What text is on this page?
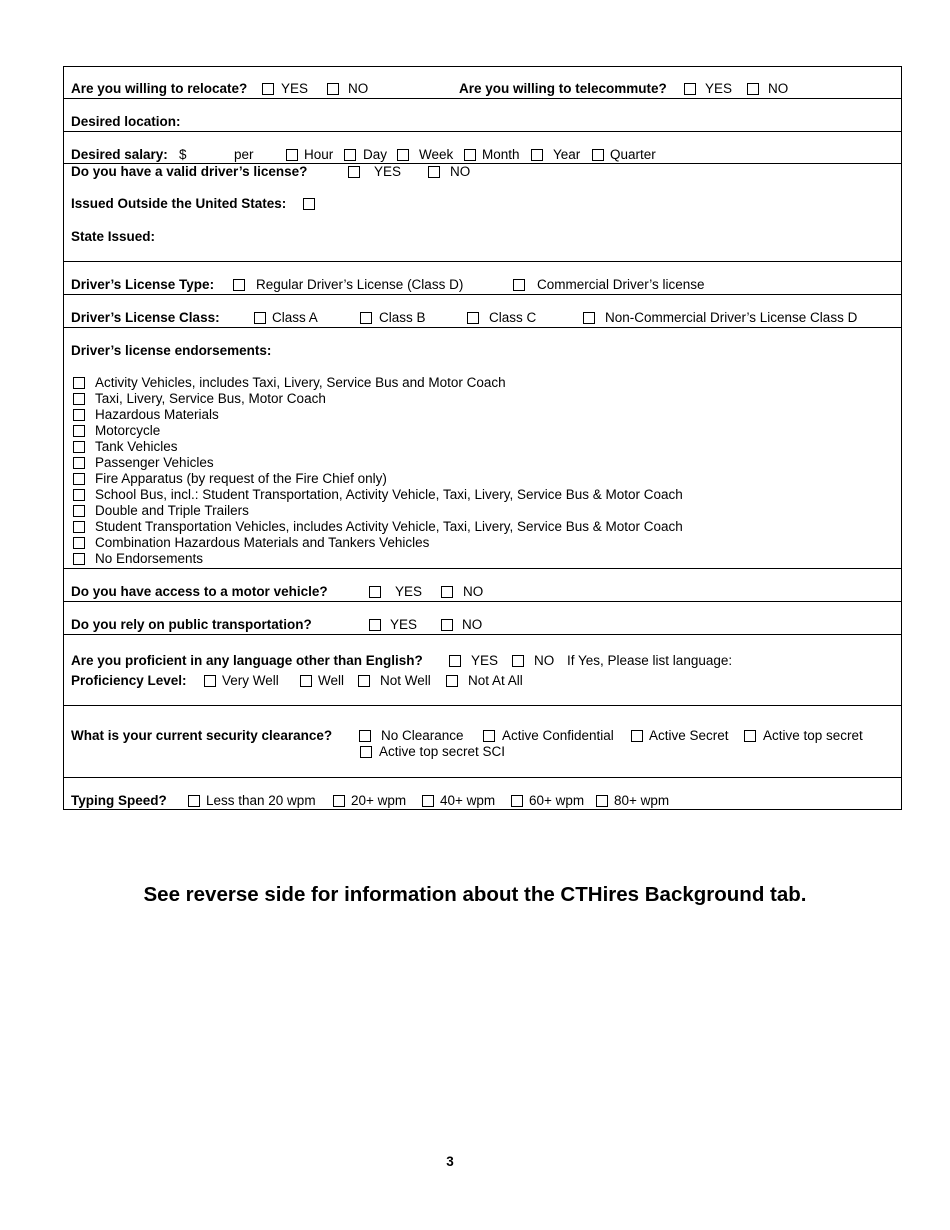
Are you willing to relocate? YES	NO	Are you willing to telecommute?	YES	NO
Desired location:
Desired salary: $	per	Hour Day Week Month Year Quarter
Do you have a valid driver’s license?	YES	NO
Issued Outside the United States:
State Issued:
Driver’s License Type:	Regular Driver’s License (Class D)	Commercial Driver’s license
Driver’s License Class:	Class A	Class B	Class C	Non-Commercial Driver’s License Class D
Driver’s license endorsements:
Activity Vehicles, includes Taxi, Livery, Service Bus and Motor Coach
Taxi, Livery, Service Bus, Motor Coach
Hazardous Materials
Motorcycle
Tank Vehicles
Passenger Vehicles
Fire Apparatus (by request of the Fire Chief only)
School Bus, incl.: Student Transportation, Activity Vehicle, Taxi, Livery, Service Bus & Motor Coach
Double and Triple Trailers
Student Transportation Vehicles, includes Activity Vehicle, Taxi, Livery, Service Bus & Motor Coach
Combination Hazardous Materials and Tankers Vehicles
No Endorsements
Do you have access to a motor vehicle?	YES	NO
Do you rely on public transportation?	YES	NO
Are you proficient in any language other than English?	YES	NO If Yes, Please list language:
Proficiency Level:	Very Well	Well	Not Well	Not At All
What is your current security clearance?	No Clearance	Active Confidential	Active Secret	Active top secret
Active top secret SCI
Typing Speed?	Less than 20 wpm	20+ wpm	40+ wpm	60+ wpm 80+ wpm
See reverse side for information about the CTHires Background tab.
3
